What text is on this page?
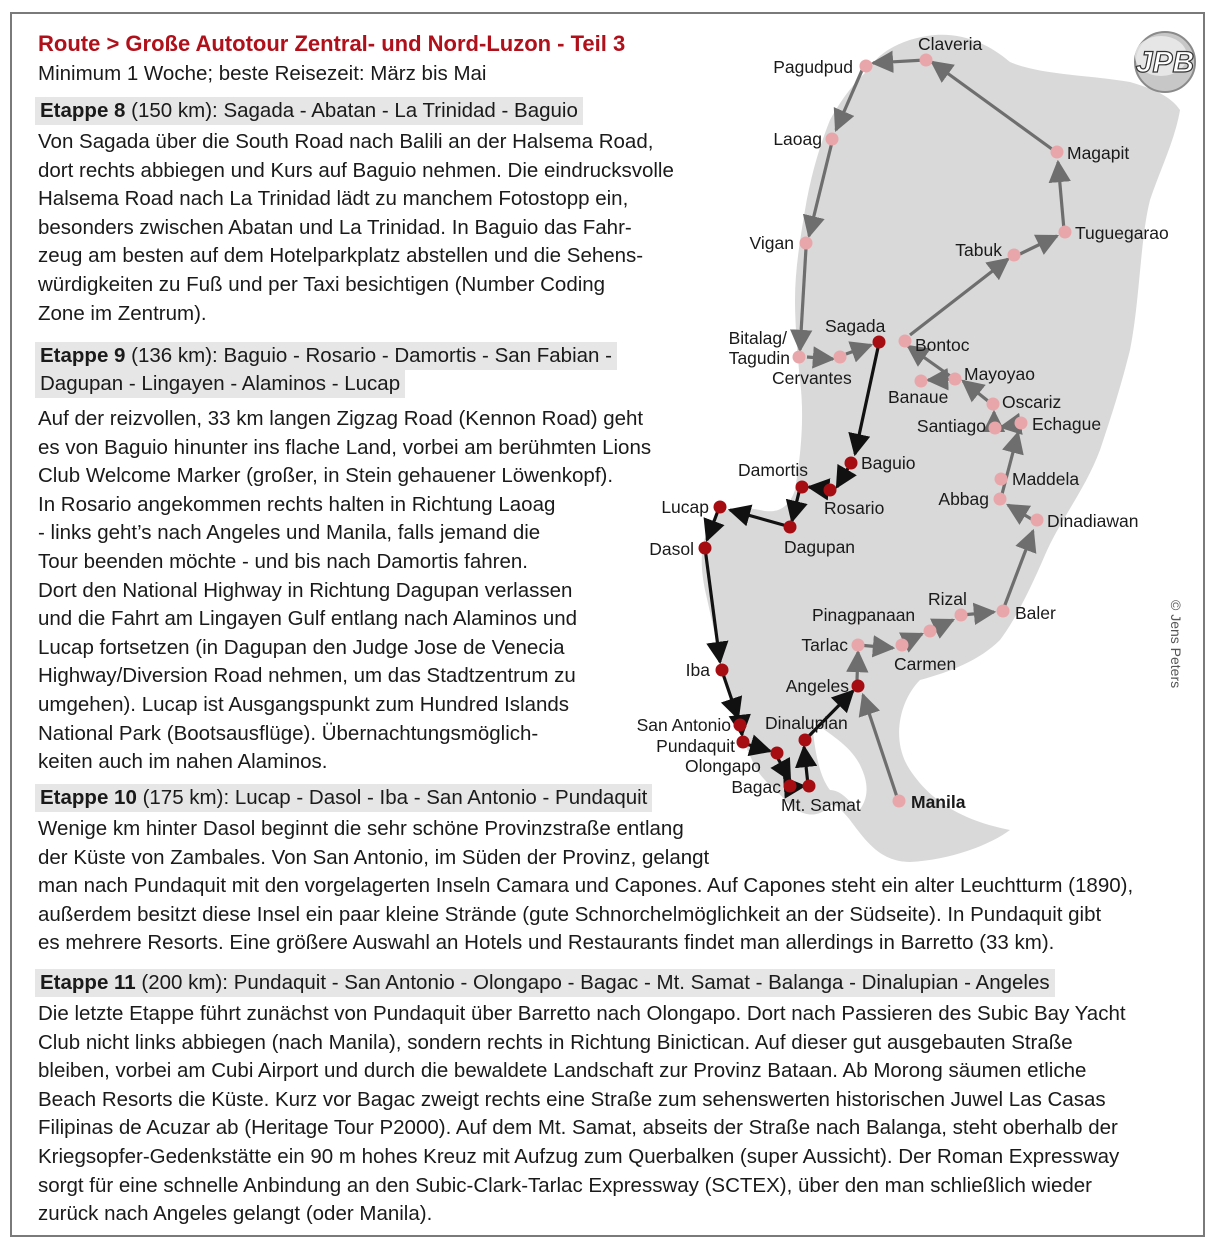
Claveria
Pagudpud
Laoag
Magapit
Vigan	Tabuk
Tuguegarao
Sagada
Bitalag/
Tagudin
Cervantes
Bontoc
Mayoyao
Banaue	Oscariz
Santiago	Echague
Baguio
Damortis
Rosario
Maddela
Abbag
Lucap
Dagupan
Dinadiawan
Dasol
Rizal
Pinagpanaan	Baler
Tarlac
Carmen
Iba
Angeles
San Antonio Dinalupian
Pundaquit
Olongapo
Bagac
Mt. Samat	Manila
JPB
Route > Große Autotour Zentral- und Nord-Luzon - Teil 3
Minimum 1 Woche; beste Reisezeit: März bis Mai
Etappe 8 (150 km): Sagada - Abatan - La Trinidad - Baguio
Von Sagada über die South Road nach Balili an der Halsema Road,
dort rechts abbiegen und Kurs auf Baguio nehmen. Die eindrucksvolle
Halsema Road nach La Trinidad lädt zu manchem Fotostopp ein,
besonders zwischen Abatan und La Trinidad. In Baguio das Fahr-
zeug am besten auf dem Hotelparkplatz abstellen und die Sehens-
würdigkeiten zu Fuß und per Taxi besichtigen (Number Coding
Zone im Zentrum).
Etappe 9 (136 km): Baguio - Rosario - Damortis - San Fabian -
Dagupan - Lingayen - Alaminos - Lucap
Auf der reizvollen, 33 km langen Zigzag Road (Kennon Road) geht
es von Baguio hinunter ins flache Land, vorbei am berühmten Lions
Club Welcome Marker (großer, in Stein gehauener Löwenkopf).
In Rosario angekommen rechts halten in Richtung Laoag
- links geht’s nach Angeles und Manila, falls jemand die
Tour beenden möchte - und bis nach Damortis fahren.
Dort den National Highway in Richtung Dagupan verlassen
und die Fahrt am Lingayen Gulf entlang nach Alaminos und
Lucap fortsetzen (in Dagupan den Judge Jose de Venecia
Highway/Diversion Road nehmen, um das Stadtzentrum zu
umgehen). Lucap ist Ausgangspunkt zum Hundred Islands
National Park (Bootsausflüge). Übernachtungsmöglich-
keiten auch im nahen Alaminos.
Etappe 10 (175 km): Lucap - Dasol - Iba - San Antonio - Pundaquit
Wenige km hinter Dasol beginnt die sehr schöne Provinzstraße entlang
der Küste von Zambales. Von San Antonio, im Süden der Provinz, gelangt
man nach Pundaquit mit den vorgelagerten Inseln Camara und Capones. Auf Capones steht ein alter Leuchtturm (1890),
außerdem besitzt diese Insel ein paar kleine Strände (gute Schnorchelmöglichkeit an der Südseite). In Pundaquit gibt
es mehrere Resorts. Eine größere Auswahl an Hotels und Restaurants findet man allerdings in Barretto (33 km).
Etappe 11 (200 km): Pundaquit - San Antonio - Olongapo - Bagac - Mt. Samat - Balanga - Dinalupian - Angeles
Die letzte Etappe führt zunächst von Pundaquit über Barretto nach Olongapo. Dort nach Passieren des Subic Bay Yacht
Club nicht links abbiegen (nach Manila), sondern rechts in Richtung Binictican. Auf dieser gut ausgebauten Straße
bleiben, vorbei am Cubi Airport und durch die bewaldete Landschaft zur Provinz Bataan. Ab Morong säumen etliche
Beach Resorts die Küste. Kurz vor Bagac zweigt rechts eine Straße zum sehenswerten historischen Juwel Las Casas
Filipinas de Acuzar ab (Heritage Tour P2000). Auf dem Mt. Samat, abseits der Straße nach Balanga, steht oberhalb der
Kriegsopfer-Gedenkstätte ein 90 m hohes Kreuz mit Aufzug zum Querbalken (super Aussicht). Der Roman Expressway
sorgt für eine schnelle Anbindung an den Subic-Clark-Tarlac Expressway (SCTEX), über den man schließlich wieder
zurück nach Angeles gelangt (oder Manila).
© Jens Peters
